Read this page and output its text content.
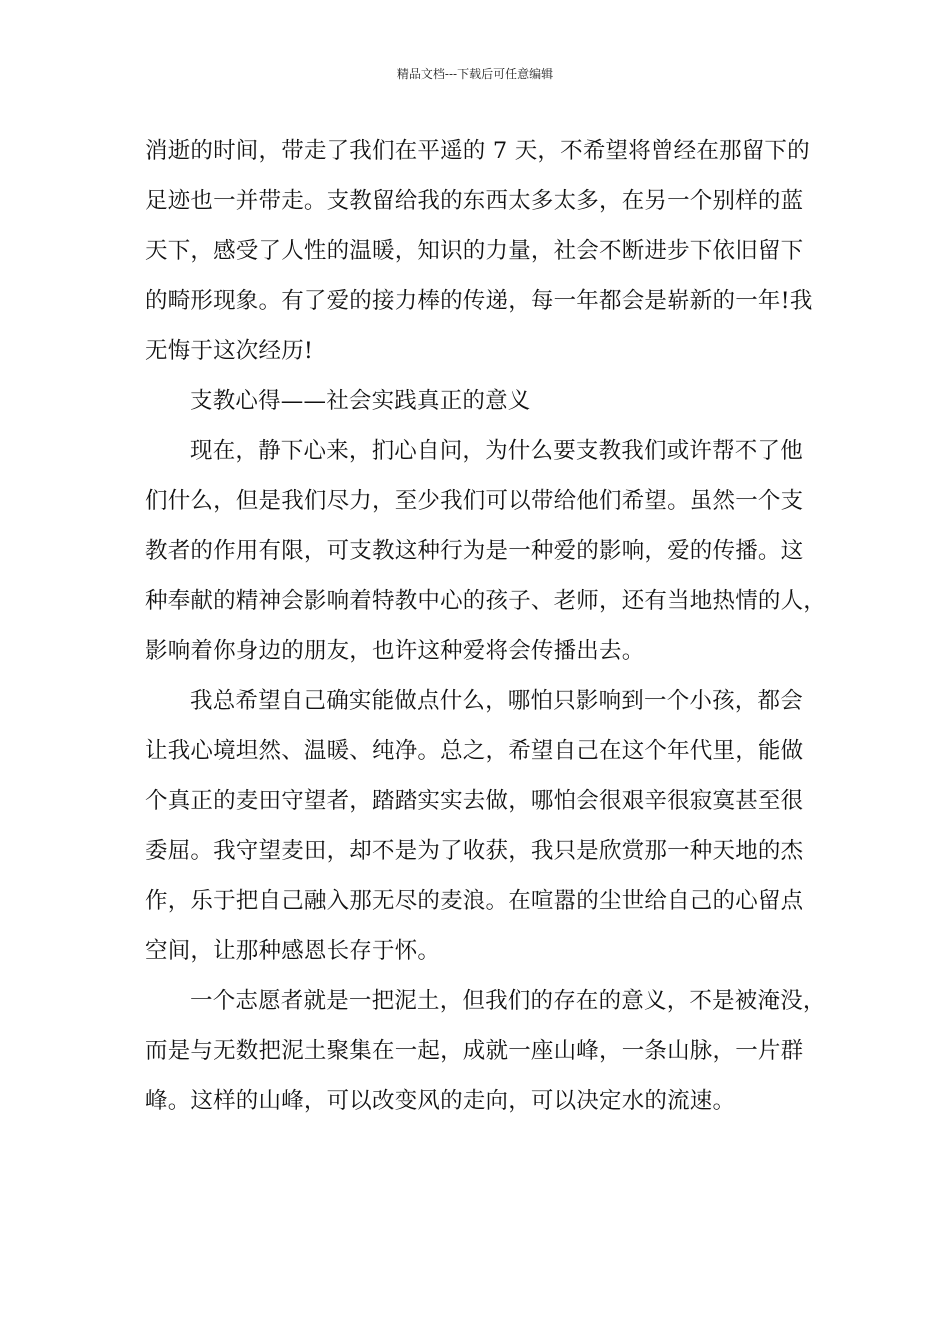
精品文档---下载后可任意编辑
消逝的时间，带走了我们在平遥的 7 天，不希望将曾经在那留下的
足迹也一并带走。支教留给我的东西太多太多，在另一个别样的蓝
天下，感受了人性的温暖，知识的力量，社会不断进步下依旧留下
的畸形现象。有了爱的接力棒的传递，每一年都会是崭新的一年!我
无悔于这次经历!
支教心得——社会实践真正的意义
现在，静下心来，扪心自问，为什么要支教我们或许帮不了他
们什么，但是我们尽力，至少我们可以带给他们希望。虽然一个支
教者的作用有限，可支教这种行为是一种爱的影响，爱的传播。这
种奉献的精神会影响着特教中心的孩子、老师，还有当地热情的人，
影响着你身边的朋友，也许这种爱将会传播出去。
我总希望自己确实能做点什么，哪怕只影响到一个小孩，都会
让我心境坦然、温暖、纯净。总之，希望自己在这个年代里，能做
个真正的麦田守望者，踏踏实实去做，哪怕会很艰辛很寂寞甚至很
委屈。我守望麦田，却不是为了收获，我只是欣赏那一种天地的杰
作，乐于把自己融入那无尽的麦浪。在喧嚣的尘世给自己的心留点
空间，让那种感恩长存于怀。
一个志愿者就是一把泥土，但我们的存在的意义，不是被淹没，
而是与无数把泥土聚集在一起，成就一座山峰，一条山脉，一片群
峰。这样的山峰，可以改变风的走向，可以决定水的流速。
